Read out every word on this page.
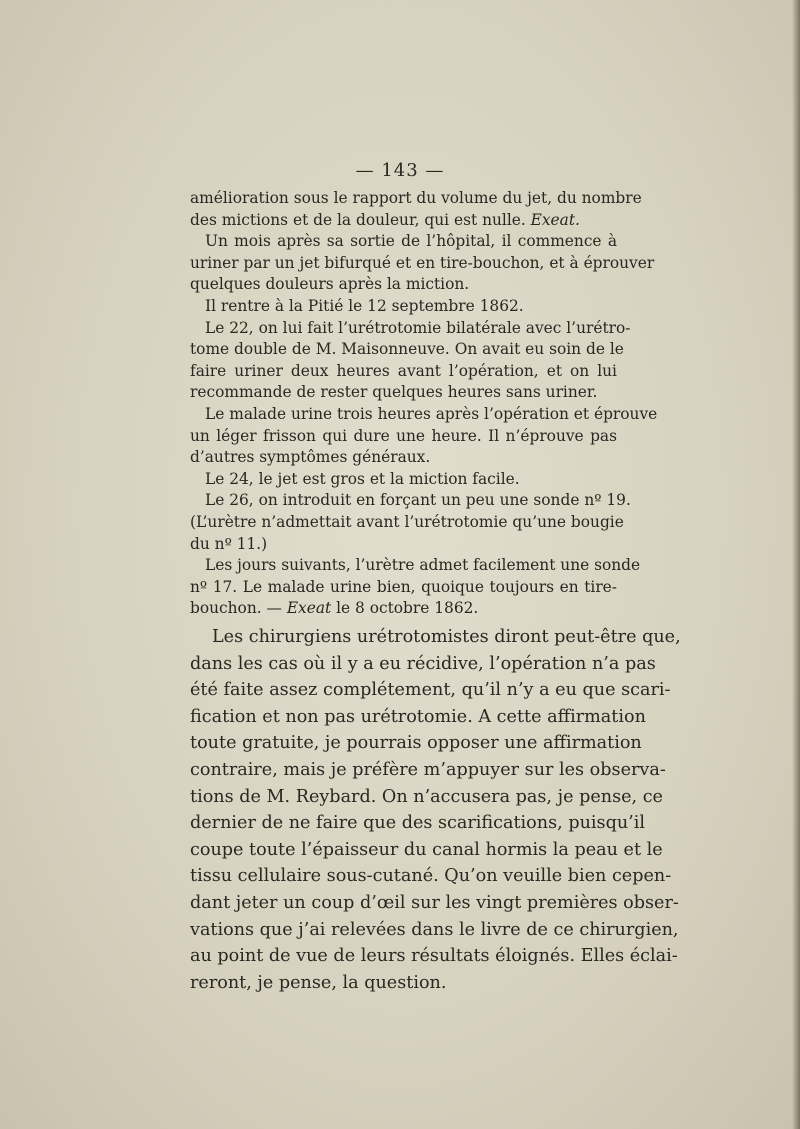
— 143 —
amélioration sous le rapport du volume du jet, du nombre
des mictions et de la douleur, qui est nulle. Exeat.
Un mois après sa sortie de l’hôpital, il commence à
uriner par un jet bifurqué et en tire-bouchon, et à éprouver
quelques douleurs après la miction.
Il rentre à la Pitié le 12 septembre 1862.
Le 22, on lui fait l’urétrotomie bilatérale avec l’urétro-
tome double de M. Maisonneuve. On avait eu soin de le
faire uriner deux heures avant l’opération, et on lui
recommande de rester quelques heures sans uriner.
Le malade urine trois heures après l’opération et éprouve
un léger frisson qui dure une heure. Il n’éprouve pas
d’autres symptômes généraux.
Le 24, le jet est gros et la miction facile.
Le 26, on introduit en forçant un peu une sonde nº 19.
(L’urètre n’admettait avant l’urétrotomie qu’une bougie
du nº 11.)
Les jours suivants, l’urètre admet facilement une sonde
nº 17. Le malade urine bien, quoique toujours en tire-
bouchon. — Exeat le 8 octobre 1862.
Les chirurgiens urétrotomistes diront peut-être que,
dans les cas où il y a eu récidive, l’opération n’a pas
été faite assez complétement, qu’il n’y a eu que scari-
fication et non pas urétrotomie. A cette affirmation
toute gratuite, je pourrais opposer une affirmation
contraire, mais je préfère m’appuyer sur les observa-
tions de M. Reybard. On n’accusera pas, je pense, ce
dernier de ne faire que des scarifications, puisqu’il
coupe toute l’épaisseur du canal hormis la peau et le
tissu cellulaire sous-cutané. Qu’on veuille bien cepen-
dant jeter un coup d’œil sur les vingt premières obser-
vations que j’ai relevées dans le livre de ce chirurgien,
au point de vue de leurs résultats éloignés. Elles éclai-
reront, je pense, la question.
